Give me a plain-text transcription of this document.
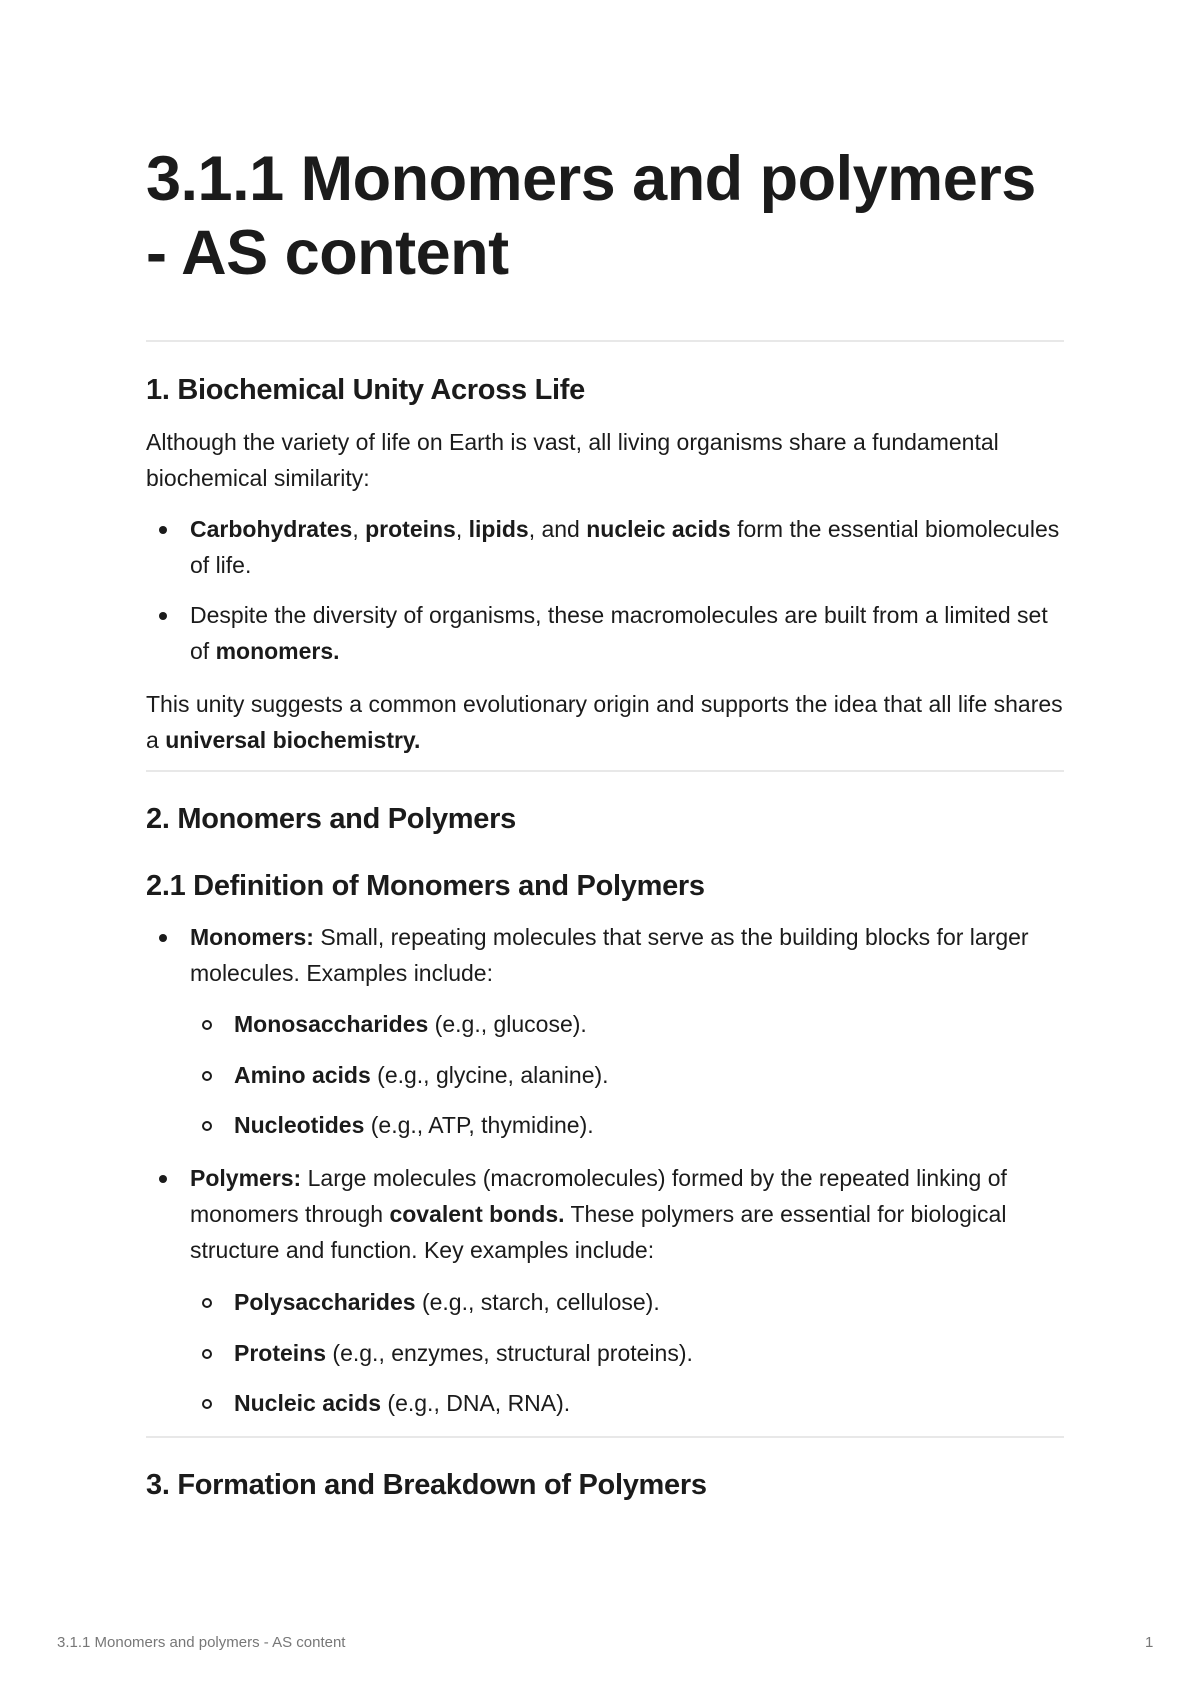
3.1.1 Monomers and polymers - AS content
1. Biochemical Unity Across Life

Although the variety of life on Earth is vast, all living organisms share a fundamental biochemical similarity:

Carbohydrates, proteins, lipids, and nucleic acids form the essential biomolecules of life.
Despite the diversity of organisms, these macromolecules are built from a limited set of monomers.

This unity suggests a common evolutionary origin and supports the idea that all life shares a universal biochemistry.

2. Monomers and Polymers
2.1 Definition of Monomers and Polymers
Monomers: Small, repeating molecules that serve as the building blocks for larger molecules. Examples include:
Monosaccharides (e.g., glucose).
Amino acids (e.g., glycine, alanine).
Nucleotides (e.g., ATP, thymidine).
Polymers: Large molecules (macromolecules) formed by the repeated linking of monomers through covalent bonds. These polymers are essential for biological structure and function. Key examples include:
Polysaccharides (e.g., starch, cellulose).
Proteins (e.g., enzymes, structural proteins).
Nucleic acids (e.g., DNA, RNA).
3. Formation and Breakdown of Polymers
3.1.1 Monomers and polymers - AS content	1
